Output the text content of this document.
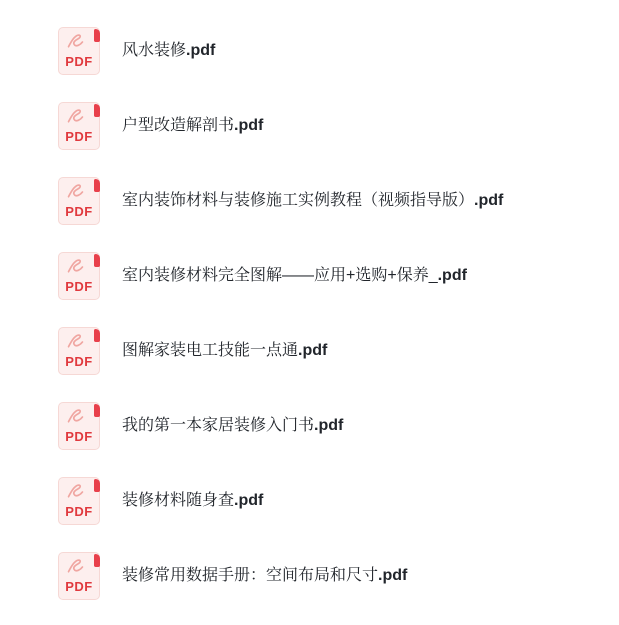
PDF
风水装修.pdf
PDF
户型改造解剖书.pdf
PDF
室内装饰材料与装修施工实例教程（视频指导版）.pdf
PDF
室内装修材料完全图解——应用+选购+保养_.pdf
PDF
图解家装电工技能一点通.pdf
PDF
我的第一本家居装修入门书.pdf
PDF
装修材料随身查.pdf
PDF
装修常用数据手册：空间布局和尺寸.pdf
